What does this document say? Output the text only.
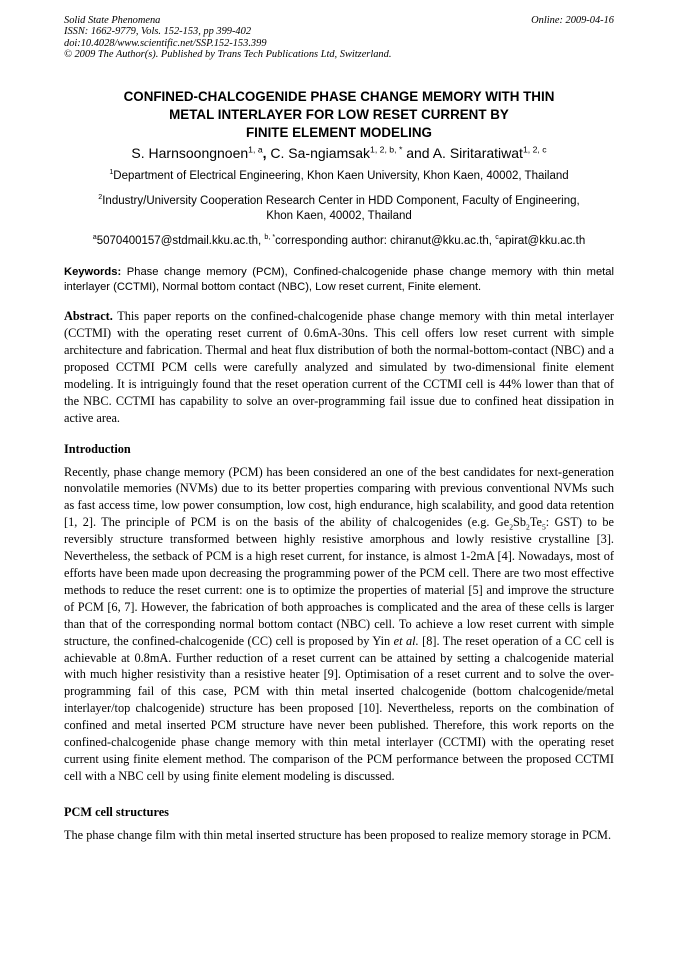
Solid State Phenomena
ISSN: 1662-9779, Vols. 152-153, pp 399-402
doi:10.4028/www.scientific.net/SSP.152-153.399
© 2009 The Author(s). Published by Trans Tech Publications Ltd, Switzerland.
Online: 2009-04-16
CONFINED-CHALCOGENIDE PHASE CHANGE MEMORY WITH THIN
METAL INTERLAYER FOR LOW RESET CURRENT BY
FINITE ELEMENT MODELING
S. Harnsoongnoen$^{1, a}$, C. Sa-ngiamsak$^{1, 2, b, *}$ and A. Siritaratiwat$^{1, 2, c}$
$^1$Department of Electrical Engineering, Khon Kaen University, Khon Kaen, 40002, Thailand
$^2$Industry/University Cooperation Research Center in HDD Component, Faculty of Engineering,
Khon Kaen, 40002, Thailand
$^a$5070400157@stdmail.kku.ac.th, $^{b, *}$corresponding author: chiranut@kku.ac.th, $^c$apirat@kku.ac.th
Keywords: Phase change memory (PCM), Confined-chalcogenide phase change memory with thin metal interlayer (CCTMI), Normal bottom contact (NBC), Low reset current, Finite element.
Abstract. This paper reports on the confined-chalcogenide phase change memory with thin metal interlayer (CCTMI) with the operating reset current of 0.6mA-30ns. This cell offers low reset current with simple architecture and fabrication. Thermal and heat flux distribution of both the normal-bottom-contact (NBC) and a proposed CCTMI PCM cells were carefully analyzed and simulated by two-dimensional finite element modeling. It is intriguingly found that the reset operation current of the CCTMI cell is 44% lower than that of the NBC. CCTMI has capability to solve an over-programming fail issue due to confined heat dissipation in active area.
Introduction
Recently, phase change memory (PCM) has been considered an one of the best candidates for next-generation nonvolatile memories (NVMs) due to its better properties comparing with previous conventional NVMs such as fast access time, low power consumption, low cost, high endurance, high scalability, and good data retention [1, 2]. The principle of PCM is on the basis of the ability of chalcogenides (e.g. $Ge_2Sb_2Te_5$: GST) to be reversibly structure transformed between highly resistive amorphous and lowly resistive crystalline [3]. Nevertheless, the setback of PCM is a high reset current, for instance, is almost 1-2mA [4]. Nowadays, most of efforts have been made upon decreasing the programming power of the PCM cell. There are two most effective methods to reduce the reset current: one is to optimize the properties of material [5] and improve the structure of PCM [6, 7]. However, the fabrication of both approaches is complicated and the area of these cells is larger than that of the corresponding normal bottom contact (NBC) cell. To achieve a low reset current with simple structure, the confined-chalcogenide (CC) cell is proposed by Yin et al. [8]. The reset operation of a CC cell is achievable at 0.8mA. Further reduction of a reset current can be attained by setting a chalcogenide material with much higher resistivity than a resistive heater [9]. Optimisation of a reset current and to solve the over-programming fail of this case, PCM with thin metal inserted chalcogenide (bottom chalcogenide/metal interlayer/top chalcogenide) structure has been proposed [10]. Nevertheless, reports on the combination of confined and metal inserted PCM structure have never been published. Therefore, this work reports on the confined-chalcogenide phase change memory with thin metal interlayer (CCTMI) with the operating reset current using finite element method. The comparison of the PCM performance between the proposed CCTMI cell with a NBC cell by using finite element modeling is discussed.
PCM cell structures
The phase change film with thin metal inserted structure has been proposed to realize memory storage in PCM.
